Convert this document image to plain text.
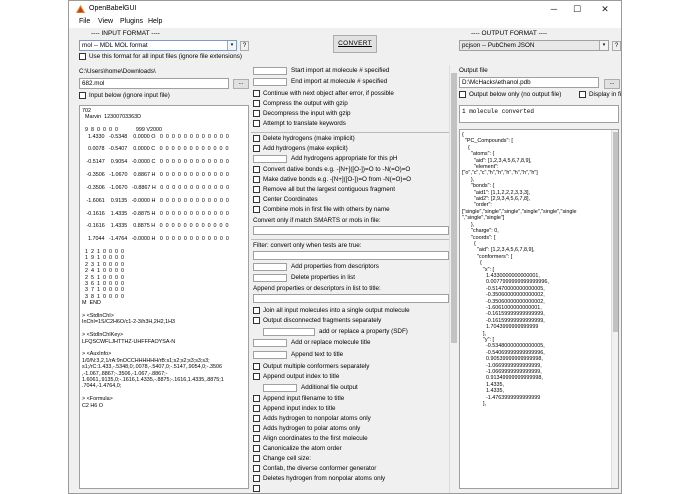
OpenBabelGUI	─	☐	✕
File View Plugins Help
---- INPUT FORMAT ----
mol -- MDL MOL format	▾	?
Use this format for all input files (ignore file extensions)
C:\Users\home\Downloads\
682.mol	...
Input below (ignore input file)
702
Marvin  12300703363D

9  8  0  0  0  0            999 V2000
1.4330   -0.5348    0.0000 O   0  0  0  0  0  0  0  0  0  0  0  0

0.0078   -0.5407    0.0000 C   0  0  0  0  0  0  0  0  0  0  0  0

-0.5147    0.9054   -0.0000 C   0  0  0  0  0  0  0  0  0  0  0  0

-0.3506   -1.0670    0.8867 H   0  0  0  0  0  0  0  0  0  0  0  0

-0.3506   -1.0670   -0.8867 H   0  0  0  0  0  0  0  0  0  0  0  0

-1.6061    0.9135   -0.0000 H   0  0  0  0  0  0  0  0  0  0  0  0

-0.1616    1.4335   -0.8875 H   0  0  0  0  0  0  0  0  0  0  0  0

-0.1616    1.4335    0.8875 H   0  0  0  0  0  0  0  0  0  0  0  0

1.7044   -1.4764   -0.0000 H   0  0  0  0  0  0  0  0  0  0  0  0

1  2  1  0  0  0  0
1  9  1  0  0  0  0
2  3  1  0  0  0  0
2  4  1  0  0  0  0
2  5  1  0  0  0  0
3  6  1  0  0  0  0
3  7  1  0  0  0  0
3  8  1  0  0  0  0
M  END

> <StdInChI>
InChI=1S/C2H6O/c1-2-3/h3H,2H2,1H3

> <StdInChIKey>
LFQSCWFLJHTTHZ-UHFFFAOYSA-N

> <AuxInfo>
1/0/N:3,2,1/rA:9nOCCHHHHHH/rB:s1;s2;s2;s3;s3;s3;
s1;/rC:1.433,-.5348,0;.0078,-.5407,0;-.5147,.9054,0;-.3506
,-1.067,.8867;-.3506,-1.067,-.8867;-
1.6061,.9135,0;-.1616,1.4335,-.8875;-.1616,1.4335,.8875;1
.7044,-1.4764,0;

> <Formula>
C2 H6 O
CONVERT
Start import at molecule # specified
End import at molecule # specified
Continue with next object after error, if possible
Compress the output with gzip
Decompress the input with gzip
Attempt to translate keywords
Delete hydrogens (make implicit)
Add hydrogens (make explicit)
Add hydrogens appropriate for this pH
Convert dative bonds e.g. -[N+]([O-])=O to -N(=O)=O
Make dative bonds e.g. -[N+]([O-])=O from -N(=O)=O
Remove all but the largest contiguous fragment
Center Coordinates
Combine mols in first file with others by name
Convert only if match SMARTS or mols in file:
Filter: convert only when tests are true:
Add properties from descriptors
Delete properties in list
Append properties or descriptors in list to title:
Join all input molecules into a single output molecule
Output disconnected fragments separately
add or replace a property (SDF)
Add or replace molecule title
Append text to title
Output multiple conformers separately
Append output index to title
Additional file output
Append input filename to title
Append input index to title
Adds hydrogen to nonpolar atoms only
Adds hydrogen to polar atoms only
Align coordinates to the first molecule
Canonicalize the atom order
Change cell size:
Confab, the diverse conformer generator
Deletes hydrogen from nonpolar atoms only
---- OUTPUT FORMAT ----
pcjson -- PubChem JSON	▾	?
Output file
D:\McHacks\ethanol.pdb	...
Output below only (no output file)	Display in fi
1 molecule converted
{
"PC_Compounds": [
{
"atoms": {
"aid": [1,2,3,4,5,6,7,8,9],
"element":
["o","c","c","h","h","h","h","h","h"]
},
"bonds": {
"aid1": [1,1,2,2,2,3,3,3],
"aid2": [2,9,3,4,5,6,7,8],
"order":
["single","single","single","single","single","single
","single","single"]
},
"charge": 0,
"coords": [
{
"aid": [1,2,3,4,5,6,7,8,9],
"conformers": [
{
"x": [
1.4330000000000001,
0.0077999999999999996,
-0.51470000000000005,
-0.35060000000000002,
-0.35060000000000002,
-1.6061000000000001,
-0.16159999999999999,
-0.16159999999999999,
1.7043999999999999
],
"y": [
-0.53480000000000005,
-0.54069999999999996,
0.90539999999999998,
-1.0669999999999999,
-1.0669999999999999,
0.91349999999999998,
1.4335,
1.4335,
-1.4763999999999999
],
